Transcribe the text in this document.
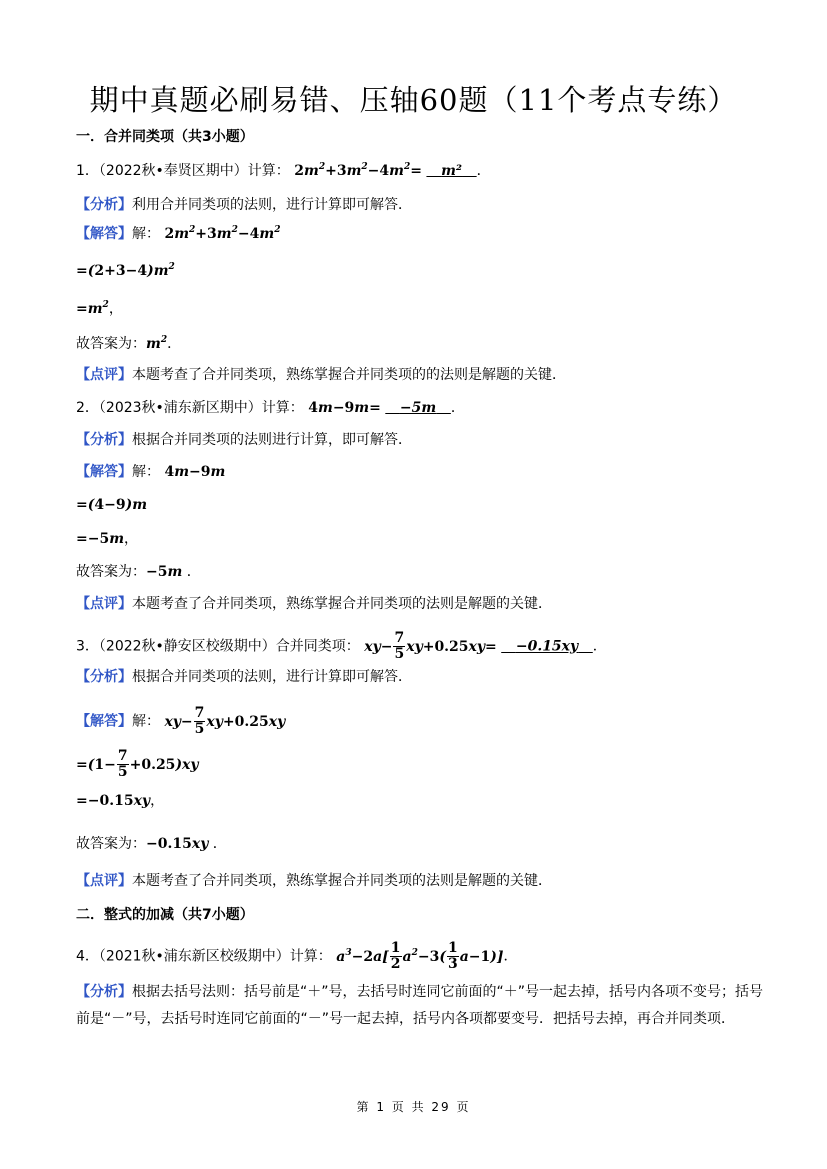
期中真题必刷易错、压轴60题（11个考点专练）
一．合并同类项（共3小题）
1．（2022秋•奉贤区期中）计算： $2m^2+3m^2-4m^2= m^2$ ．
【分析】利用合并同类项的法则，进行计算即可解答．
【解答】解： $2m^2+3m^2-4m^2$
$=(2+3-4)m^2$
$=m^2$，
故答案为：$m^2$．
【点评】本题考查了合并同类项，熟练掌握合并同类项的的法则是解题的关键．
2．（2023秋•浦东新区期中）计算： 4m−9m= −5m ．
【分析】根据合并同类项的法则进行计算，即可解答．
【解答】解： 4m−9m
=(4−9)m
=−5m，
故答案为：−5m ．
【点评】本题考查了合并同类项，熟练掌握合并同类项的法则是解题的关键．
3．（2022秋•静安区校级期中）合并同类项： $xy- \frac{7}{5} xy+0.25xy= -0.15xy$ ．
【分析】根据合并同类项的法则，进行计算即可解答．
【解答】解： $xy- \frac{7}{5} xy+0.25xy$
$=(1- \frac{7}{5} +0.25)xy$
=−0.15xy，
故答案为：−0.15xy ．
【点评】本题考查了合并同类项，熟练掌握合并同类项的法则是解题的关键．
二．整式的加减（共7小题）
4．（2021秋•浦东新区校级期中）计算： $a^3-2a[ \frac{1}{2} a^2-3( \frac{1}{3} a-1)]$．
【分析】根据去括号法则：括号前是“＋”号，去括号时连同它前面的“＋”号一起去掉，括号内各项不变号；括号前是“－”号，去括号时连同它前面的“－”号一起去掉，括号内各项都要变号．把括号去掉，再合并同类项．
第 1 页 共 29 页
